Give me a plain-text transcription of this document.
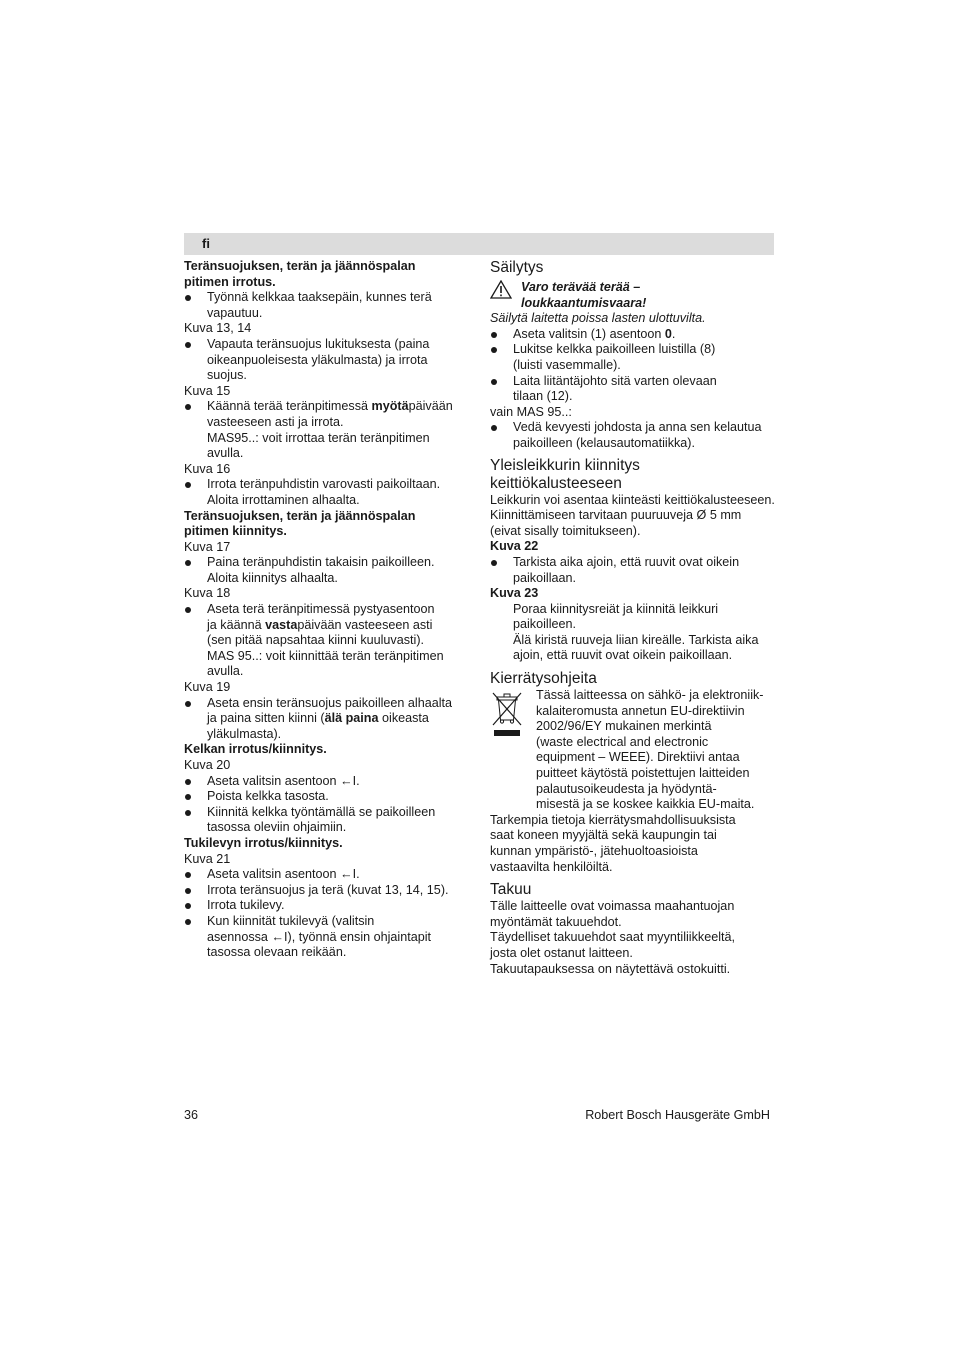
fi

Teränsuojuksen, terän ja jäännöspalan
pitimen irrotus.

Työnnä kelkkaa taaksepäin, kunnes terä
vapautuu.

Kuva 13, 14

Vapauta teränsuojus lukituksesta (paina
oikeanpuoleisesta yläkulmasta) ja irrota
suojus.

Kuva 15

Käännä terää teränpitimessä myötäpäivään
vasteeseen asti ja irrota.

MAS95..: voit irrottaa terän teränpitimen
avulla.

Kuva 16

Irrota teränpuhdistin varovasti paikoiltaan.
Aloita irrottaminen alhaalta.

Teränsuojuksen, terän ja jäännöspalan
pitimen kiinnitys.

Kuva 17

Paina teränpuhdistin takaisin paikoilleen.
Aloita kiinnitys alhaalta.

Kuva 18

Aseta terä teränpitimessä pystyasentoon
ja käännä vastapäivään vasteeseen asti
(sen pitää napsahtaa kiinni kuuluvasti).

MAS 95..: voit kiinnittää terän teränpitimen
avulla.

Kuva 19

Aseta ensin teränsuojus paikoilleen alhaalta
ja paina sitten kiinni (älä paina oikeasta
yläkulmasta).

Kelkan irrotus/kiinnitys.

Kuva 20

Aseta valitsin asentoon ←I.

Poista kelkka tasosta.

Kiinnitä kelkka työntämällä se paikoilleen
tasossa oleviin ohjaimiin.

Tukilevyn irrotus/kiinnitys.

Kuva 21

Aseta valitsin asentoon ←I.

Irrota teränsuojus ja terä (kuvat 13, 14, 15).

Irrota tukilevy.

Kun kiinnität tukilevyä (valitsin
asennossa ←I), työnnä ensin ohjaintapit
tasossa olevaan reikään.

Säilytys

Varo terävää terää –
loukkaantumisvaara!

Säilytä laitetta poissa lasten ulottuvilta.

Aseta valitsin (1) asentoon 0.

Lukitse kelkka paikoilleen luistilla (8)
(luisti vasemmalle).

Laita liitäntäjohto sitä varten olevaan
tilaan (12).

vain MAS 95..:

Vedä kevyesti johdosta ja anna sen kelautua
paikoilleen (kelausautomatiikka).

Yleisleikkurin kiinnitys
keittiökalusteeseen

Leikkurin voi asentaa kiinteästi keittiökalusteeseen.
Kiinnittämiseen tarvitaan puuruuveja Ø 5 mm
(eivat sisally toimitukseen).

Kuva 22

Tarkista aika ajoin, että ruuvit ovat oikein
paikoillaan.

Kuva 23

Poraa kiinnitysreiät ja kiinnitä leikkuri
paikoilleen.
Älä kiristä ruuveja liian kireälle. Tarkista aika
ajoin, että ruuvit ovat oikein paikoillaan.

Kierrätysohjeita

Tässä laitteessa on sähkö- ja elektroniik-
kalaiteromusta annetun EU-direktiivin
2002/96/EY mukainen merkintä
(waste electrical and electronic
equipment – WEEE). Direktiivi antaa
puitteet käytöstä poistettujen laitteiden
palautusoikeudesta ja hyödyntä-
misestä ja se koskee kaikkia EU-maita.

Tarkempia tietoja kierrätysmahdollisuuksista
saat koneen myyjältä sekä kaupungin tai
kunnan ympäristö-, jätehuoltoasioista
vastaavilta henkilöiltä.

Takuu

Tälle laitteelle ovat voimassa maahantuojan
myöntämät takuuehdot.
Täydelliset takuuehdot saat myyntiliikkeeltä,
josta olet ostanut laitteen.
Takuutapauksessa on näytettävä ostokuitti.

36	Robert Bosch Hausgeräte GmbH
